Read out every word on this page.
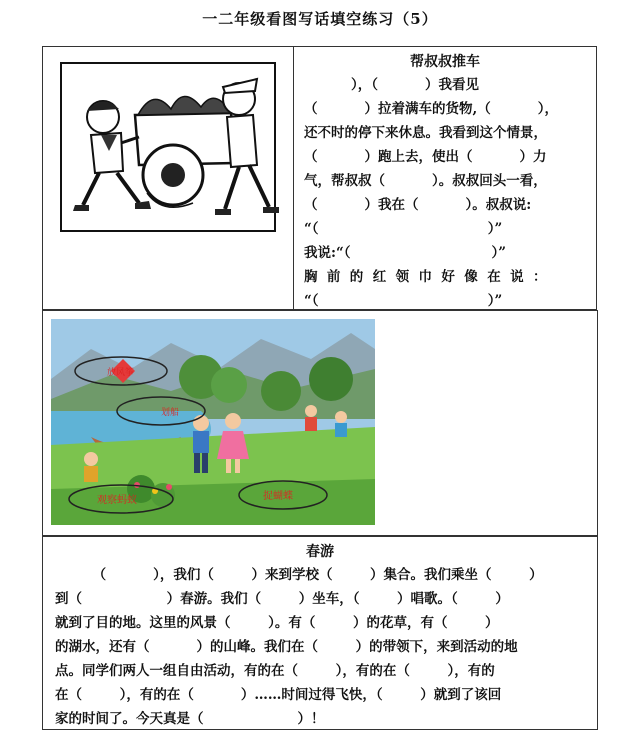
一二年级看图写话填空练习（5）
帮叔叔推车
），（          ）我看见
（          ）拉着满车的货物,（          ），
还不时的停下来休息。我看到这个情景，
（          ）跑上去，使出（          ）力
气，帮叔叔（          ）。叔叔回头一看，
（          ）我在（          ）。叔叔说:
“（                                    ）”
我说:“（                              ）”
胸  前  的  红  领  巾  好  像  在  说  ：
“（                                    ）”
放风筝
划船
观察蚂蚁	捉蝴蝶
春游
（          ），我们（        ）来到学校（        ）集合。我们乘坐（        ）
到（                  ）春游。我们（        ）坐车，（        ）唱歌。（        ）
就到了目的地。这里的风景（        ）。有（        ）的花草，有（        ）
的湖水，还有（          ）的山峰。我们在（        ）的带领下，来到活动的地
点。同学们两人一组自由活动，有的在（        ），有的在（        ），有的
在（        ），有的在（          ）……时间过得飞快，（        ）就到了该回
家的时间了。今天真是（                    ）！
